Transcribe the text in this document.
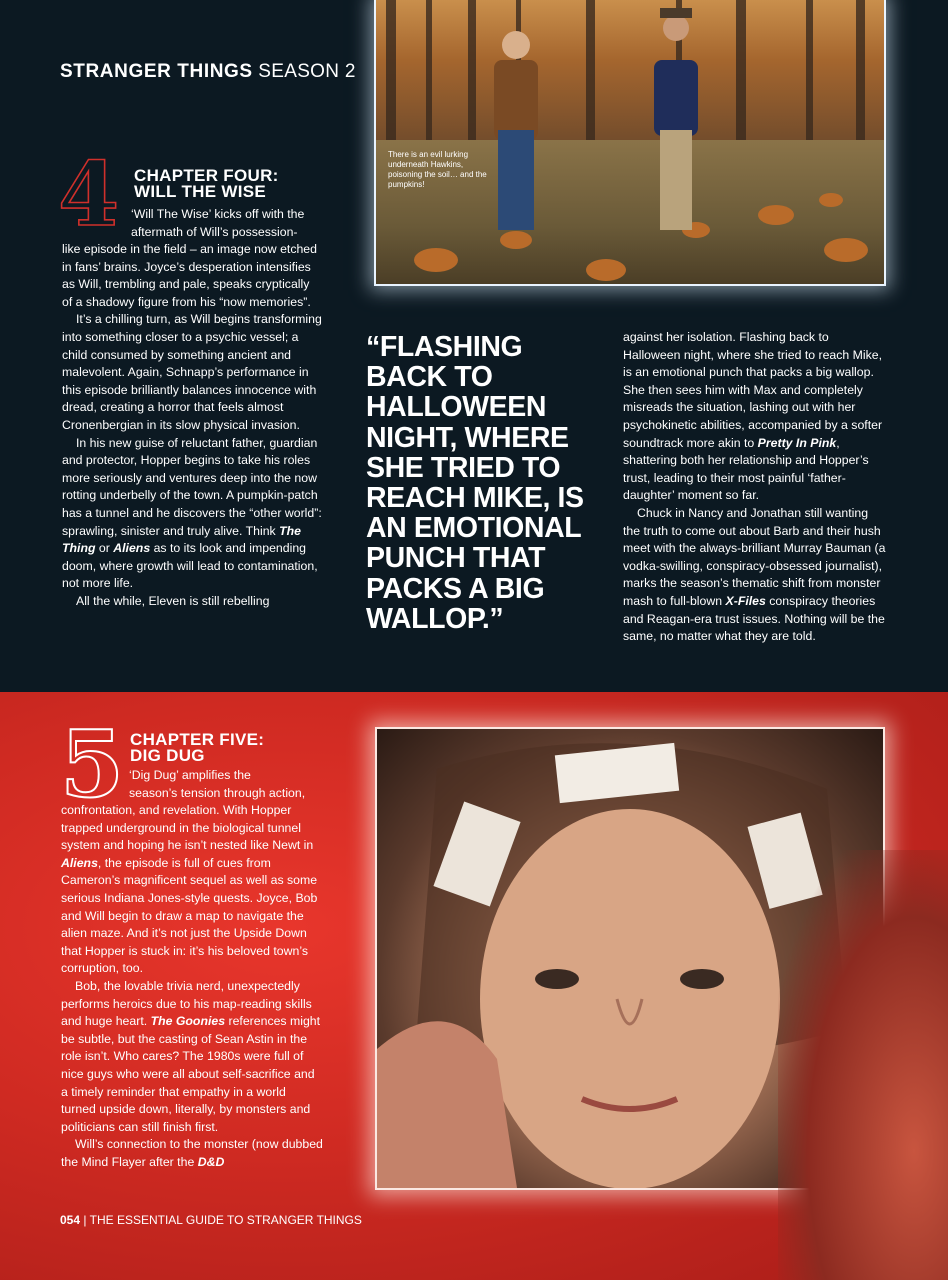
STRANGER THINGS SEASON 2
There is an evil lurking underneath Hawkins, poisoning the soil… and the pumpkins!
4 CHAPTER FOUR:
WILL THE WISE

‘Will The Wise’ kicks off with the

aftermath of Will’s possession-

like episode in the field – an image now etched in fans’ brains. Joyce’s desperation intensifies as Will, trembling and pale, speaks cryptically of a shadowy figure from his “now memories”.

It’s a chilling turn, as Will begins transforming into something closer to a psychic vessel; a child consumed by something ancient and malevolent. Again, Schnapp’s performance in this episode brilliantly balances innocence with dread, creating a horror that feels almost Cronenbergian in its slow physical invasion.

In his new guise of reluctant father, guardian and protector, Hopper begins to take his roles more seriously and ventures deep into the now rotting underbelly of the town. A pumpkin-patch has a tunnel and he discovers the “other world”: sprawling, sinister and truly alive. Think The Thing or Aliens as to its look and impending doom, where growth will lead to contamination, not more life.

All the while, Eleven is still rebelling

“FLASHING BACK TO HALLOWEEN NIGHT, WHERE SHE TRIED TO REACH MIKE, IS AN EMOTIONAL PUNCH THAT PACKS A BIG WALLOP.”

against her isolation. Flashing back to Halloween night, where she tried to reach Mike, is an emotional punch that packs a big wallop. She then sees him with Max and completely misreads the situation, lashing out with her psychokinetic abilities, accompanied by a softer soundtrack more akin to Pretty In Pink, shattering both her relationship and Hopper’s trust, leading to their most painful ‘father-daughter’ moment so far.

Chuck in Nancy and Jonathan still wanting the truth to come out about Barb and their hush meet with the always-brilliant Murray Bauman (a vodka-swilling, conspiracy-obsessed journalist), marks the season’s thematic shift from monster mash to full-blown X-Files conspiracy theories and Reagan-era trust issues. Nothing will be the same, no matter what they are told.

5 CHAPTER FIVE:
DIG DUG

‘Dig Dug’ amplifies the

season’s tension through action,

confrontation, and revelation. With Hopper trapped underground in the biological tunnel system and hoping he isn’t nested like Newt in Aliens, the episode is full of cues from Cameron’s magnificent sequel as well as some serious Indiana Jones-style quests. Joyce, Bob and Will begin to draw a map to navigate the alien maze. And it’s not just the Upside Down that Hopper is stuck in: it’s his beloved town’s corruption, too.

Bob, the lovable trivia nerd, unexpectedly performs heroics due to his map-reading skills and huge heart. The Goonies references might be subtle, but the casting of Sean Astin in the role isn’t. Who cares? The 1980s were full of nice guys who were all about self-sacrifice and a timely reminder that empathy in a world turned upside down, literally, by monsters and politicians can still finish first.

Will’s connection to the monster (now dubbed the Mind Flayer after the D&D

054 | THE ESSENTIAL GUIDE TO STRANGER THINGS
